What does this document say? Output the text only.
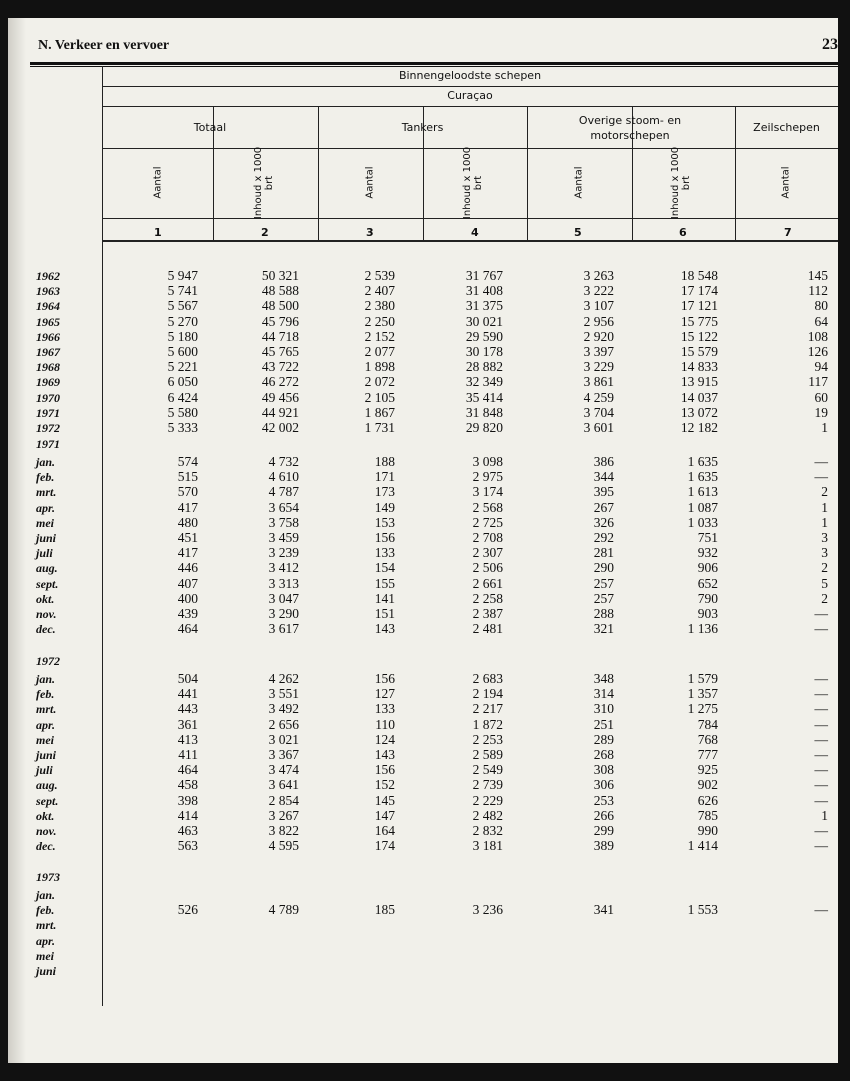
N. Verkeer en vervoer	23
Binnengeloodste schepen
Curaçao
Totaal	Tankers
Overige stoom- en motorschepen
Zeilschepen
Aantal	Inhoud x 1000 brt	Aantal	Inhoud x 1000 brt	Aantal	Inhoud x 1000 brt	Aantal
1	2	3	4	5	6	7
1962	5 947	50 321	2 539	31 767	3 263	18 548	145
1963	5 741	48 588	2 407	31 408	3 222	17 174	112
1964	5 567	48 500	2 380	31 375	3 107	17 121	80
1965	5 270	45 796	2 250	30 021	2 956	15 775	64
1966	5 180	44 718	2 152	29 590	2 920	15 122	108
1967	5 600	45 765	2 077	30 178	3 397	15 579	126
1968	5 221	43 722	1 898	28 882	3 229	14 833	94
1969	6 050	46 272	2 072	32 349	3 861	13 915	117
1970	6 424	49 456	2 105	35 414	4 259	14 037	60
1971	5 580	44 921	1 867	31 848	3 704	13 072	19
1972	5 333	42 002	1 731	29 820	3 601	12 182	1
1971
jan.	574	4 732	188	3 098	386	1 635	—
feb.	515	4 610	171	2 975	344	1 635	—
mrt.	570	4 787	173	3 174	395	1 613	2
apr.	417	3 654	149	2 568	267	1 087	1
mei	480	3 758	153	2 725	326	1 033	1
juni	451	3 459	156	2 708	292	751	3
juli	417	3 239	133	2 307	281	932	3
aug.	446	3 412	154	2 506	290	906	2
sept.	407	3 313	155	2 661	257	652	5
okt.	400	3 047	141	2 258	257	790	2
nov.	439	3 290	151	2 387	288	903	—
dec.	464	3 617	143	2 481	321	1 136	—
1972
jan.	504	4 262	156	2 683	348	1 579	—
feb.	441	3 551	127	2 194	314	1 357	—
mrt.	443	3 492	133	2 217	310	1 275	—
apr.	361	2 656	110	1 872	251	784	—
mei	413	3 021	124	2 253	289	768	—
juni	411	3 367	143	2 589	268	777	—
juli	464	3 474	156	2 549	308	925	—
aug.	458	3 641	152	2 739	306	902	—
sept.	398	2 854	145	2 229	253	626	—
okt.	414	3 267	147	2 482	266	785	1
nov.	463	3 822	164	2 832	299	990	—
dec.	563	4 595	174	3 181	389	1 414	—
1973
jan.
feb.	526	4 789	185	3 236	341	1 553	—
mrt.
apr.
mei
juni
